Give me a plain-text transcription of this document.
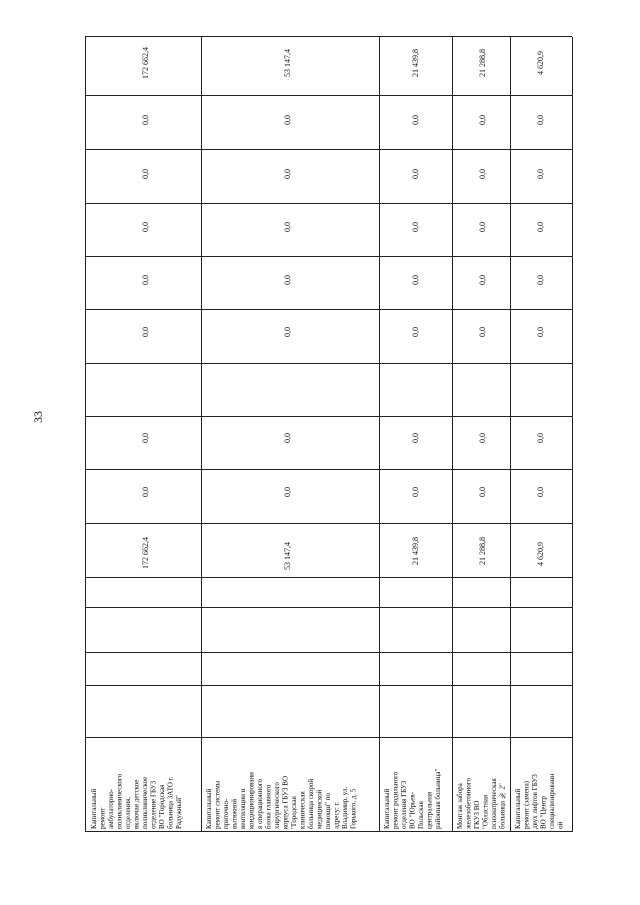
33
Капитальный
ремонт
амбулаторно-
поликлинического
отделения,
включая детское
поликлиническое
отделение ГБУЗ
ВО "Городская
больница ЗАТО г.
Радужный"
172 662,4
0,0
0,0
0,0
0,0
0,0
0,0
0,0
172 662,4
Капитальный
ремонт системы
приточно-
вытяжной
вентиляции и
кондиционировани
я операционного
блока главного
хирургического
корпуса ГБУЗ ВО
"Городская
клиническая
больница скорой
медицинской
помощи" по
адресу: г.
Владимир, ул.
Горького, д. 5
53 147,4
0,0
0,0
0,0
0,0
0,0
0,0
0,0
53 147,4
Капитальный
ремонт родильного
отделения ГБУЗ
ВО "Юрьев-
Польская
центральная
районная больница"
21 439,8
0,0
0,0
0,0
0,0
0,0
0,0
0,0
21 439,8
Монтаж забора
железобетонного
ГКУЗ ВО
"Областная
психиатрическая
больница № 2"
21 288,8
0,0
0,0
0,0
0,0
0,0
0,0
0,0
21 288,8
Капитальный
ремонт (замена)
двух лифтов ГБУЗ
ВО "Центр
специализированн
ой
4 620,9
0,0
0,0
0,0
0,0
0,0
0,0
0,0
4 620,9
